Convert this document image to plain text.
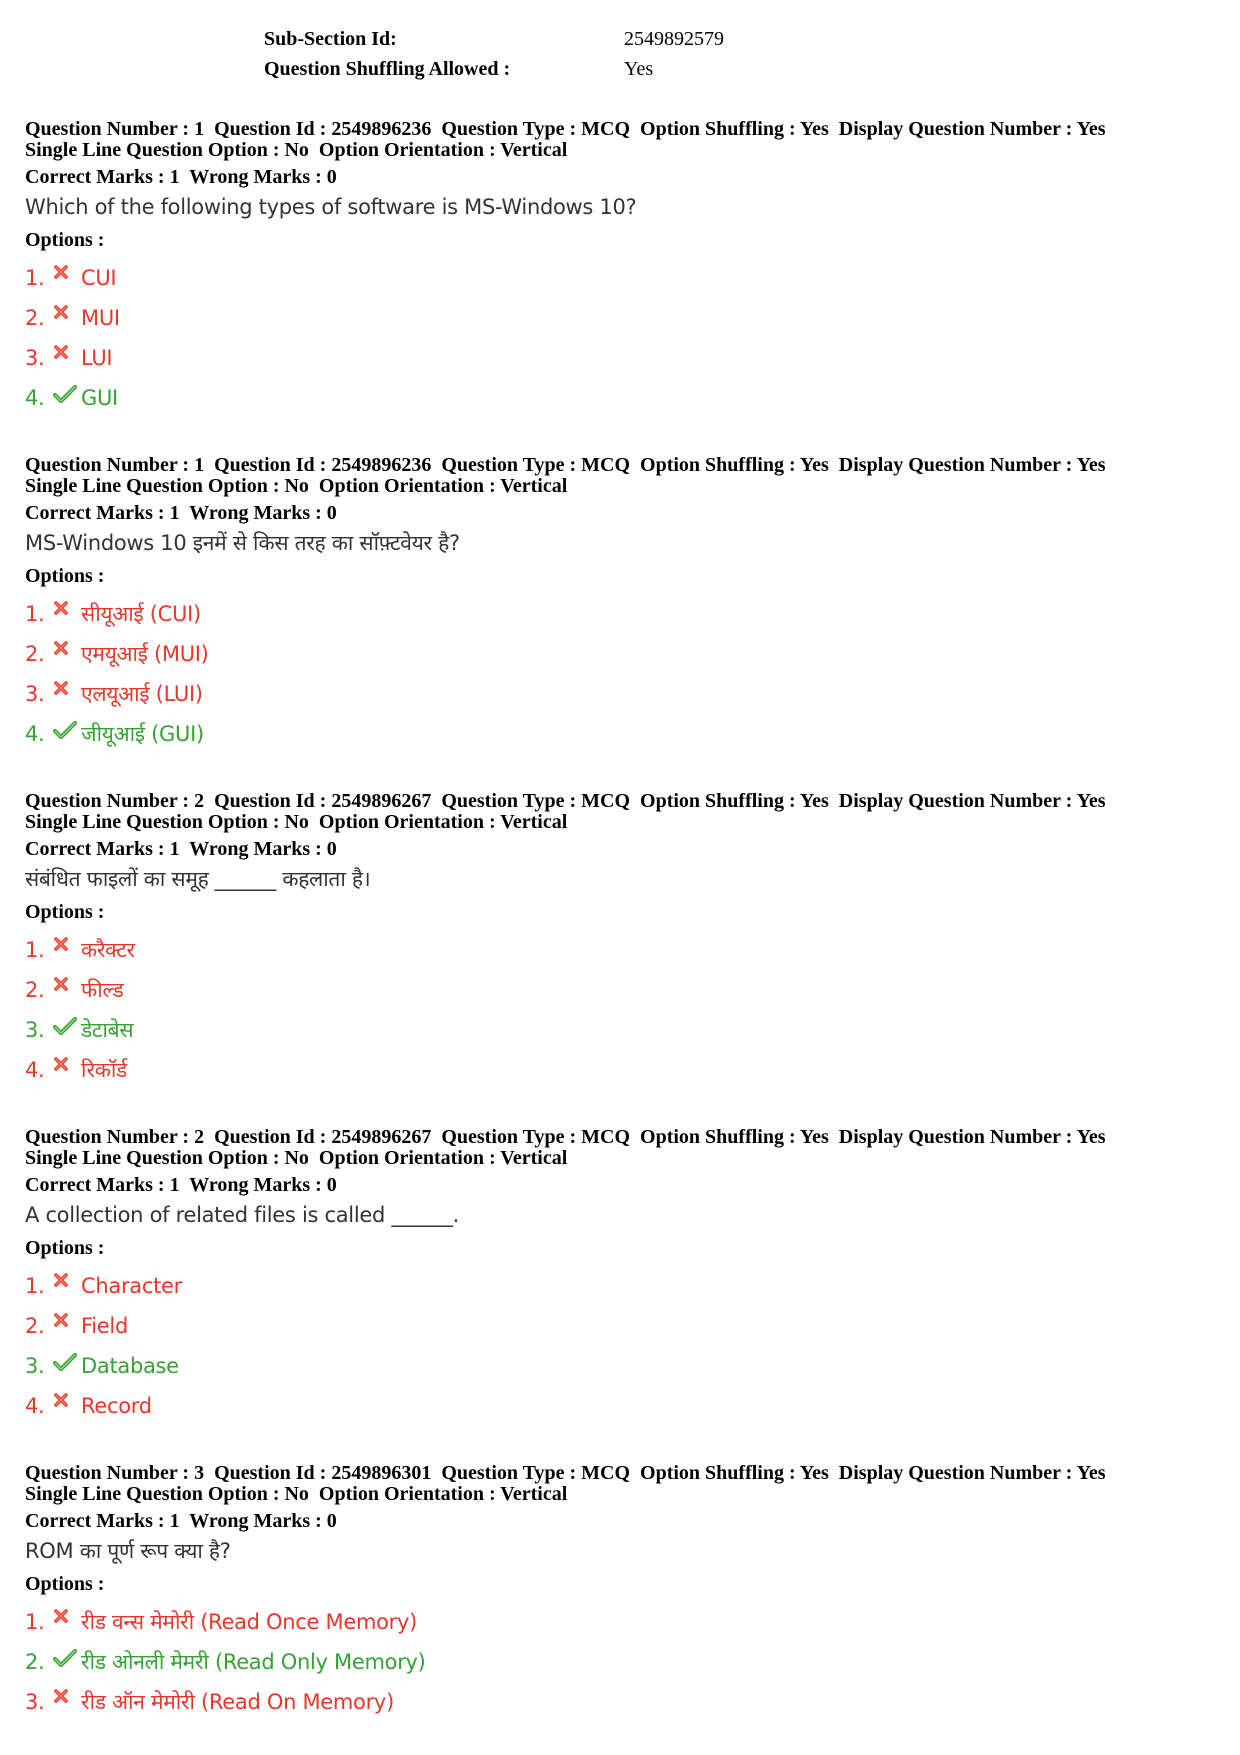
Sub-Section Id:	2549892579
Question Shuffling Allowed :	Yes
Question Number : 1  Question Id : 2549896236  Question Type : MCQ  Option Shuffling : Yes  Display Question Number : Yes
Single Line Question Option : No  Option Orientation : Vertical
Correct Marks : 1  Wrong Marks : 0
Which of the following types of software is MS-Windows 10?
Options :
1.	CUI
2.	MUI
3.	LUI
4.	GUI
Question Number : 1  Question Id : 2549896236  Question Type : MCQ  Option Shuffling : Yes  Display Question Number : Yes
Single Line Question Option : No  Option Orientation : Vertical
Correct Marks : 1  Wrong Marks : 0
MS-Windows 10 इनमें से किस तरह का सॉफ़्टवेयर है?
Options :
1.	सीयूआई (CUI)
2.	एमयूआई (MUI)
3.	एलयूआई (LUI)
4.	जीयूआई (GUI)
Question Number : 2  Question Id : 2549896267  Question Type : MCQ  Option Shuffling : Yes  Display Question Number : Yes
Single Line Question Option : No  Option Orientation : Vertical
Correct Marks : 1  Wrong Marks : 0
संबंधित फाइलों का समूह ______ कहलाता है।
Options :
1.	करैक्टर
2.	फील्ड
3.	डेटाबेस
4.	रिकॉर्ड
Question Number : 2  Question Id : 2549896267  Question Type : MCQ  Option Shuffling : Yes  Display Question Number : Yes
Single Line Question Option : No  Option Orientation : Vertical
Correct Marks : 1  Wrong Marks : 0
A collection of related files is called ______.
Options :
1.	Character
2.	Field
3.	Database
4.	Record
Question Number : 3  Question Id : 2549896301  Question Type : MCQ  Option Shuffling : Yes  Display Question Number : Yes
Single Line Question Option : No  Option Orientation : Vertical
Correct Marks : 1  Wrong Marks : 0
ROM का पूर्ण रूप क्या है?
Options :
1.	रीड वन्स मेमोरी (Read Once Memory)
2.	रीड ओनली मेमरी (Read Only Memory)
3.	रीड ऑन मेमोरी (Read On Memory)
